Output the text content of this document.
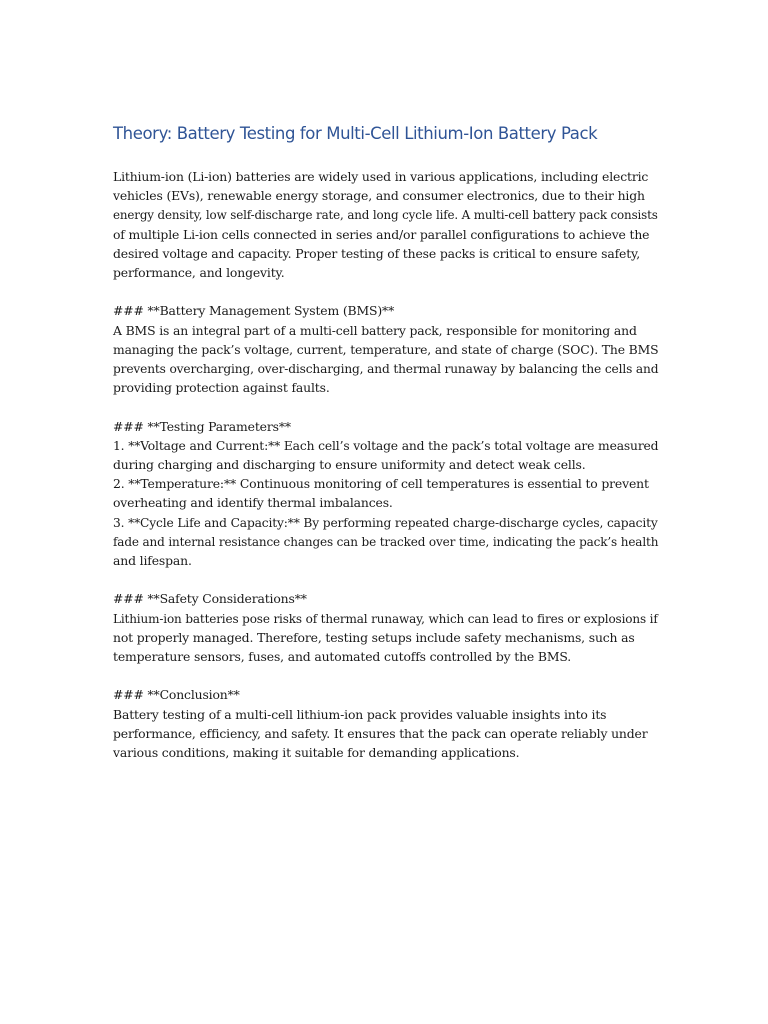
Theory: Battery Testing for Multi-Cell Lithium-Ion Battery Pack

Lithium-ion (Li-ion) batteries are widely used in various applications, including electric
vehicles (EVs), renewable energy storage, and consumer electronics, due to their high
energy density, low self-discharge rate, and long cycle life. A multi-cell battery pack consists
of multiple Li-ion cells connected in series and/or parallel configurations to achieve the
desired voltage and capacity. Proper testing of these packs is critical to ensure safety,
performance, and longevity.

### **Battery Management System (BMS)**
A BMS is an integral part of a multi-cell battery pack, responsible for monitoring and
managing the pack’s voltage, current, temperature, and state of charge (SOC). The BMS
prevents overcharging, over-discharging, and thermal runaway by balancing the cells and
providing protection against faults.

### **Testing Parameters**
1. **Voltage and Current:** Each cell’s voltage and the pack’s total voltage are measured
during charging and discharging to ensure uniformity and detect weak cells.
2. **Temperature:** Continuous monitoring of cell temperatures is essential to prevent
overheating and identify thermal imbalances.
3. **Cycle Life and Capacity:** By performing repeated charge-discharge cycles, capacity
fade and internal resistance changes can be tracked over time, indicating the pack’s health
and lifespan.

### **Safety Considerations**
Lithium-ion batteries pose risks of thermal runaway, which can lead to fires or explosions if
not properly managed. Therefore, testing setups include safety mechanisms, such as
temperature sensors, fuses, and automated cutoffs controlled by the BMS.

### **Conclusion**
Battery testing of a multi-cell lithium-ion pack provides valuable insights into its
performance, efficiency, and safety. It ensures that the pack can operate reliably under
various conditions, making it suitable for demanding applications.
